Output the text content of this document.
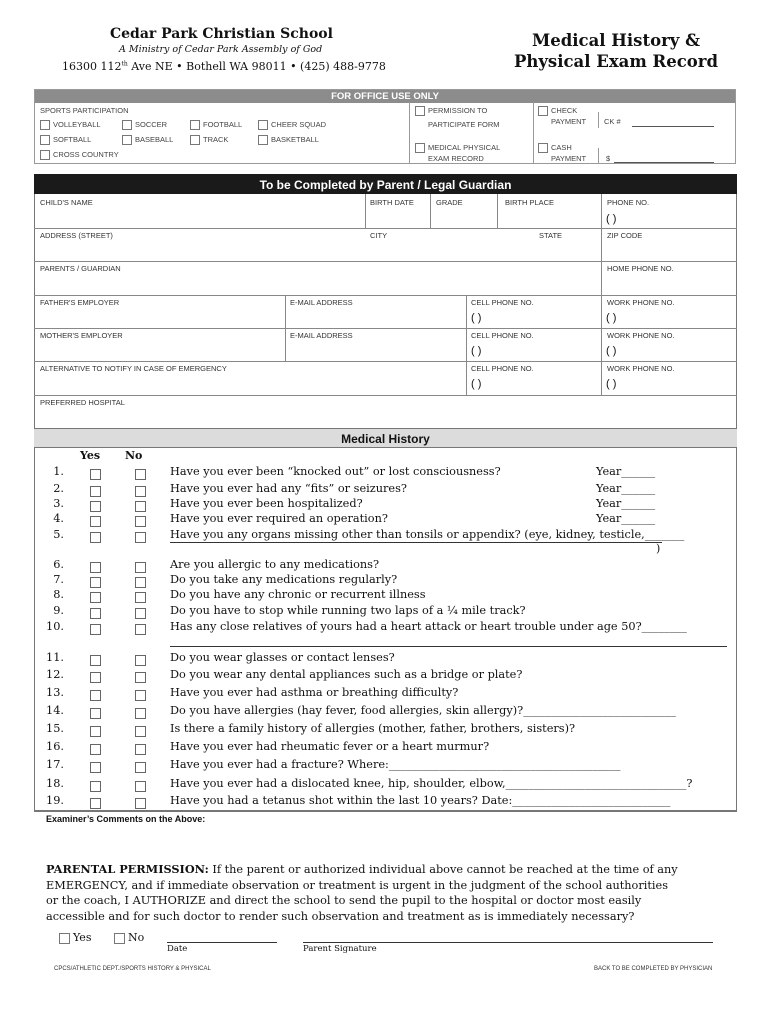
Cedar Park Christian School
A Ministry of Cedar Park Assembly of God
16300 112th Ave NE • Bothell WA 98011 • (425) 488-9778
Medical History &
Physical Exam Record
FOR OFFICE USE ONLY
SPORTS PARTICIPATION
VOLLEYBALL	SOCCER	FOOTBALL	CHEER SQUAD
SOFTBALL	BASEBALL	TRACK	BASKETBALL
CROSS COUNTRY
PERMISSION TO
PARTICIPATE FORM
MEDICAL PHYSICAL
EXAM RECORD
CHECK
PAYMENT CK #
CASH
PAYMENT	$
To be Completed by Parent / Legal Guardian
CHILD'S NAME	BIRTH DATE	GRADE	BIRTH PLACE	PHONE NO.
( )
ADDRESS (STREET)	CITY	STATE	ZIP CODE
PARENTS / GUARDIAN	HOME PHONE NO.
FATHER'S EMPLOYER	E-MAIL ADDRESS	CELL PHONE NO.	WORK PHONE NO.
( )	( )
MOTHER'S EMPLOYER	E-MAIL ADDRESS	CELL PHONE NO.	WORK PHONE NO.
( )	( )
ALTERNATIVE TO NOTIFY IN CASE OF EMERGENCY	CELL PHONE NO.	WORK PHONE NO.
( )	( )
PREFERRED HOSPITAL
Medical History
Yes No
1.	Have you ever been “knocked out” or lost consciousness?	Year______
2.	Have you ever had any “fits” or seizures?	Year______
3.	Have you ever been hospitalized?	Year______
4.	Have you ever required an operation?	Year______
5.	Have you any organs missing other than tonsils or appendix? (eye, kidney, testicle,_______
6.	Are you allergic to any medications?
7.	Do you take any medications regularly?
8.	Do you have any chronic or recurrent illness
9.	Do you have to stop while running two laps of a ¼ mile track?
10.	Has any close relatives of yours had a heart attack or heart trouble under age 50?________
11.	Do you wear glasses or contact lenses?
12.	Do you wear any dental appliances such as a bridge or plate?
13.	Have you ever had asthma or breathing difficulty?
14.	Do you have allergies (hay fever, food allergies, skin allergy)?___________________________
15.	Is there a family history of allergies (mother, father, brothers, sisters)?
16.	Have you ever had rheumatic fever or a heart murmur?
17.	Have you ever had a fracture? Where:_________________________________________
18.	Have you ever had a dislocated knee, hip, shoulder, elbow,________________________________?
19.	Have you had a tetanus shot within the last 10 years? Date:____________________________
)
Examiner’s Comments on the Above:
PARENTAL PERMISSION: If the parent or authorized individual above cannot be reached at the time of any
EMERGENCY, and if immediate observation or treatment is urgent in the judgment of the school authorities
or the coach, I AUTHORIZE and direct the school to send the pupil to the hospital or doctor most easily
accessible and for such doctor to render such observation and treatment as is immediately necessary?
Yes	No
Date	Parent Signature
CPCS/ATHLETIC DEPT./SPORTS HISTORY & PHYSICAL	BACK TO BE COMPLETED BY PHYSICIAN
